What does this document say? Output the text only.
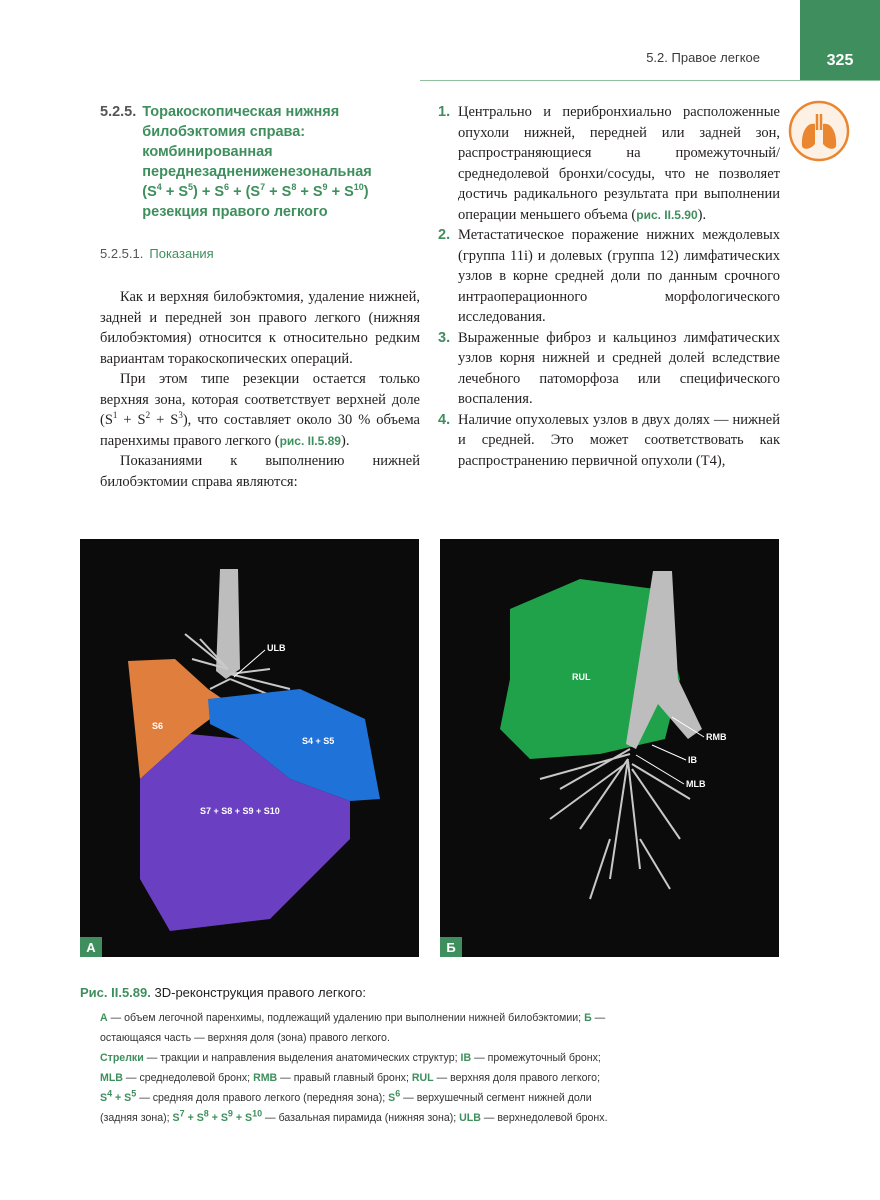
5.2. Правое легкое	325
5.2.5. Торакоскопическая нижняя
билобэктомия справа:
комбинированная
переднезаднениженезональная
$(S^4 + S^5) + S^6 + (S^7 + S^8 + S^9 + S^{10})$
резекция правого легкого
5.2.5.1. Показания

Как и верхняя билобэктомия, удаление нижней, задней и передней зон правого легкого (нижняя билобэктомия) относится к относительно редким вариантам торакоскопических операций.

При этом типе резекции остается только верхняя зона, которая соответствует верхней доле $(S^1 + S^2 + S^3)$, что составляет около 30 % объема паренхимы правого легкого (рис. II.5.89).

Показаниями к выполнению нижней билобэктомии справа являются:

1. Центрально и перибронхиально расположенные опухоли нижней, передней или задней зон, распространяющиеся на промежуточный/среднедолевой бронхи/сосуды, что не позволяет достичь радикального результата при выполнении операции меньшего объема (рис. II.5.90).
2. Метастатическое поражение нижних междолевых (группа 11i) и долевых (группа 12) лимфатических узлов в корне средней доли по данным срочного интраоперационного морфологического исследования.
3. Выраженные фиброз и кальциноз лимфатических узлов корня нижней и средней долей вследствие лечебного патоморфоза или специфического воспаления.
4. Наличие опухолевых узлов в двух долях — нижней и средней. Это может соответствовать как распространению первичной опухоли (T4),
ULB
S6
S4 + S5
S7 + S8 + S9 + S10
А
RUL
RMB
IB
MLB
Б
Рис. II.5.89. 3D-реконструкция правого легкого:

А — объем легочной паренхимы, подлежащий удалению при выполнении нижней билобэктомии; Б — остающаяся часть — верхняя доля (зона) правого легкого.

Стрелки — тракции и направления выделения анатомических структур; IB — промежуточный бронх; MLB — среднедолевой бронх; RMB — правый главный бронх; RUL — верхняя доля правого легкого; $S^4 + S^5$ — средняя доля правого легкого (передняя зона); $S^6$ — верхушечный сегмент нижней доли (задняя зона); $S^7 + S^8 + S^9 + S^{10}$ — базальная пирамида (нижняя зона); ULB — верхнедолевой бронх.
